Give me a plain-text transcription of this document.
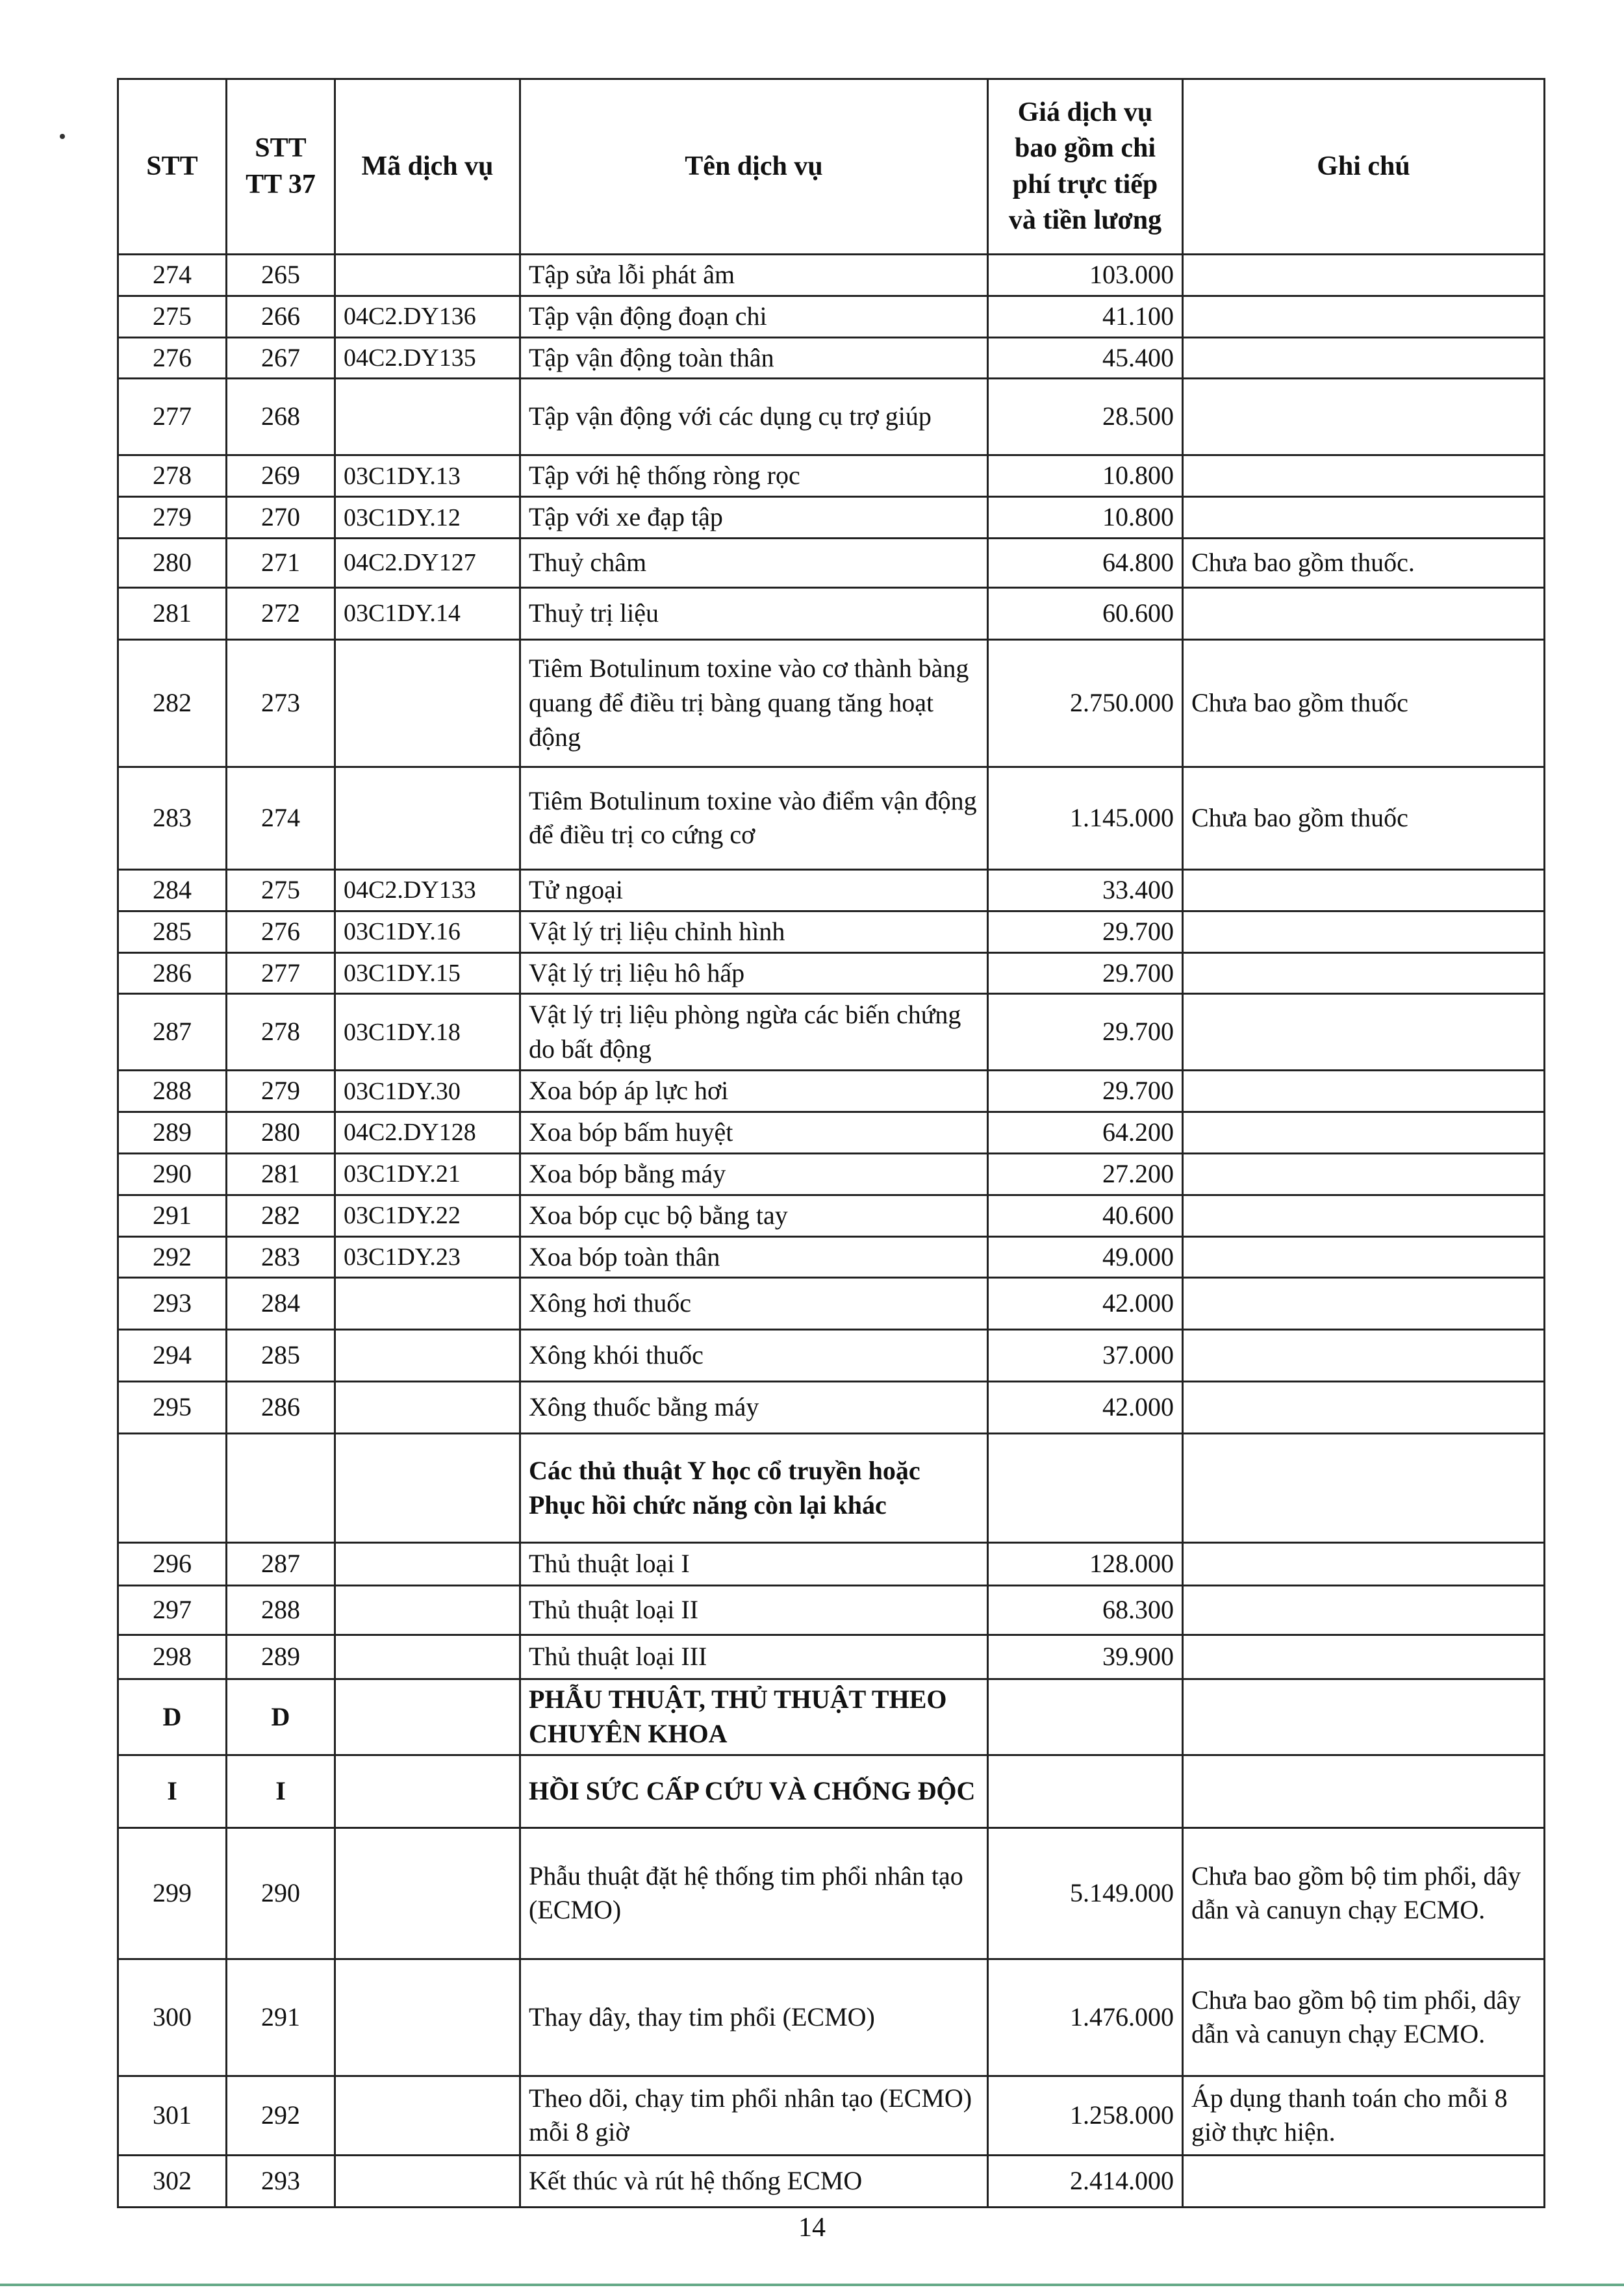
STT	STT TT 37	Mã dịch vụ	Tên dịch vụ	Giá dịch vụ bao gồm chi phí trực tiếp và tiền lương	Ghi chú
274	265		Tập sửa lỗi phát âm	103.000	
275	266	04C2.DY136	Tập vận động đoạn chi	41.100	
276	267	04C2.DY135	Tập vận động toàn thân	45.400	
277	268		Tập vận động với các dụng cụ trợ giúp	28.500	
278	269	03C1DY.13	Tập với hệ thống ròng rọc	10.800	
279	270	03C1DY.12	Tập với xe đạp tập	10.800	
280	271	04C2.DY127	Thuỷ châm	64.800	Chưa bao gồm thuốc.
281	272	03C1DY.14	Thuỷ trị liệu	60.600	
282	273		Tiêm Botulinum toxine vào cơ thành bàng quang để điều trị bàng quang tăng hoạt động	2.750.000	Chưa bao gồm thuốc
283	274		Tiêm Botulinum toxine vào điểm vận động để điều trị co cứng cơ	1.145.000	Chưa bao gồm thuốc
284	275	04C2.DY133	Tử ngoại	33.400	
285	276	03C1DY.16	Vật lý trị liệu chỉnh hình	29.700	
286	277	03C1DY.15	Vật lý trị liệu hô hấp	29.700	
287	278	03C1DY.18	Vật lý trị liệu phòng ngừa các biến chứng do bất động	29.700	
288	279	03C1DY.30	Xoa bóp áp lực hơi	29.700	
289	280	04C2.DY128	Xoa bóp bấm huyệt	64.200	
290	281	03C1DY.21	Xoa bóp bằng máy	27.200	
291	282	03C1DY.22	Xoa bóp cục bộ bằng tay	40.600	
292	283	03C1DY.23	Xoa bóp toàn thân	49.000	
293	284		Xông hơi thuốc	42.000	
294	285		Xông khói thuốc	37.000	
295	286		Xông thuốc bằng máy	42.000	
			Các thủ thuật Y học cổ truyền hoặc Phục hồi chức năng còn lại khác		
296	287		Thủ thuật loại I	128.000	
297	288		Thủ thuật loại II	68.300	
298	289		Thủ thuật loại III	39.900	
D	D		PHẪU THUẬT, THỦ THUẬT THEO CHUYÊN KHOA		
I	I		HỒI SỨC CẤP CỨU VÀ CHỐNG ĐỘC		
299	290		Phẫu thuật đặt hệ thống tim phổi nhân tạo (ECMO)	5.149.000	Chưa bao gồm bộ tim phổi, dây dẫn và canuyn chạy ECMO.
300	291		Thay dây, thay tim phổi (ECMO)	1.476.000	Chưa bao gồm bộ tim phổi, dây dẫn và canuyn chạy ECMO.
301	292		Theo dõi, chạy tim phổi nhân tạo (ECMO) mỗi 8 giờ	1.258.000	Áp dụng thanh toán cho mỗi 8 giờ thực hiện.
302	293		Kết thúc và rút hệ thống ECMO	2.414.000	
14
